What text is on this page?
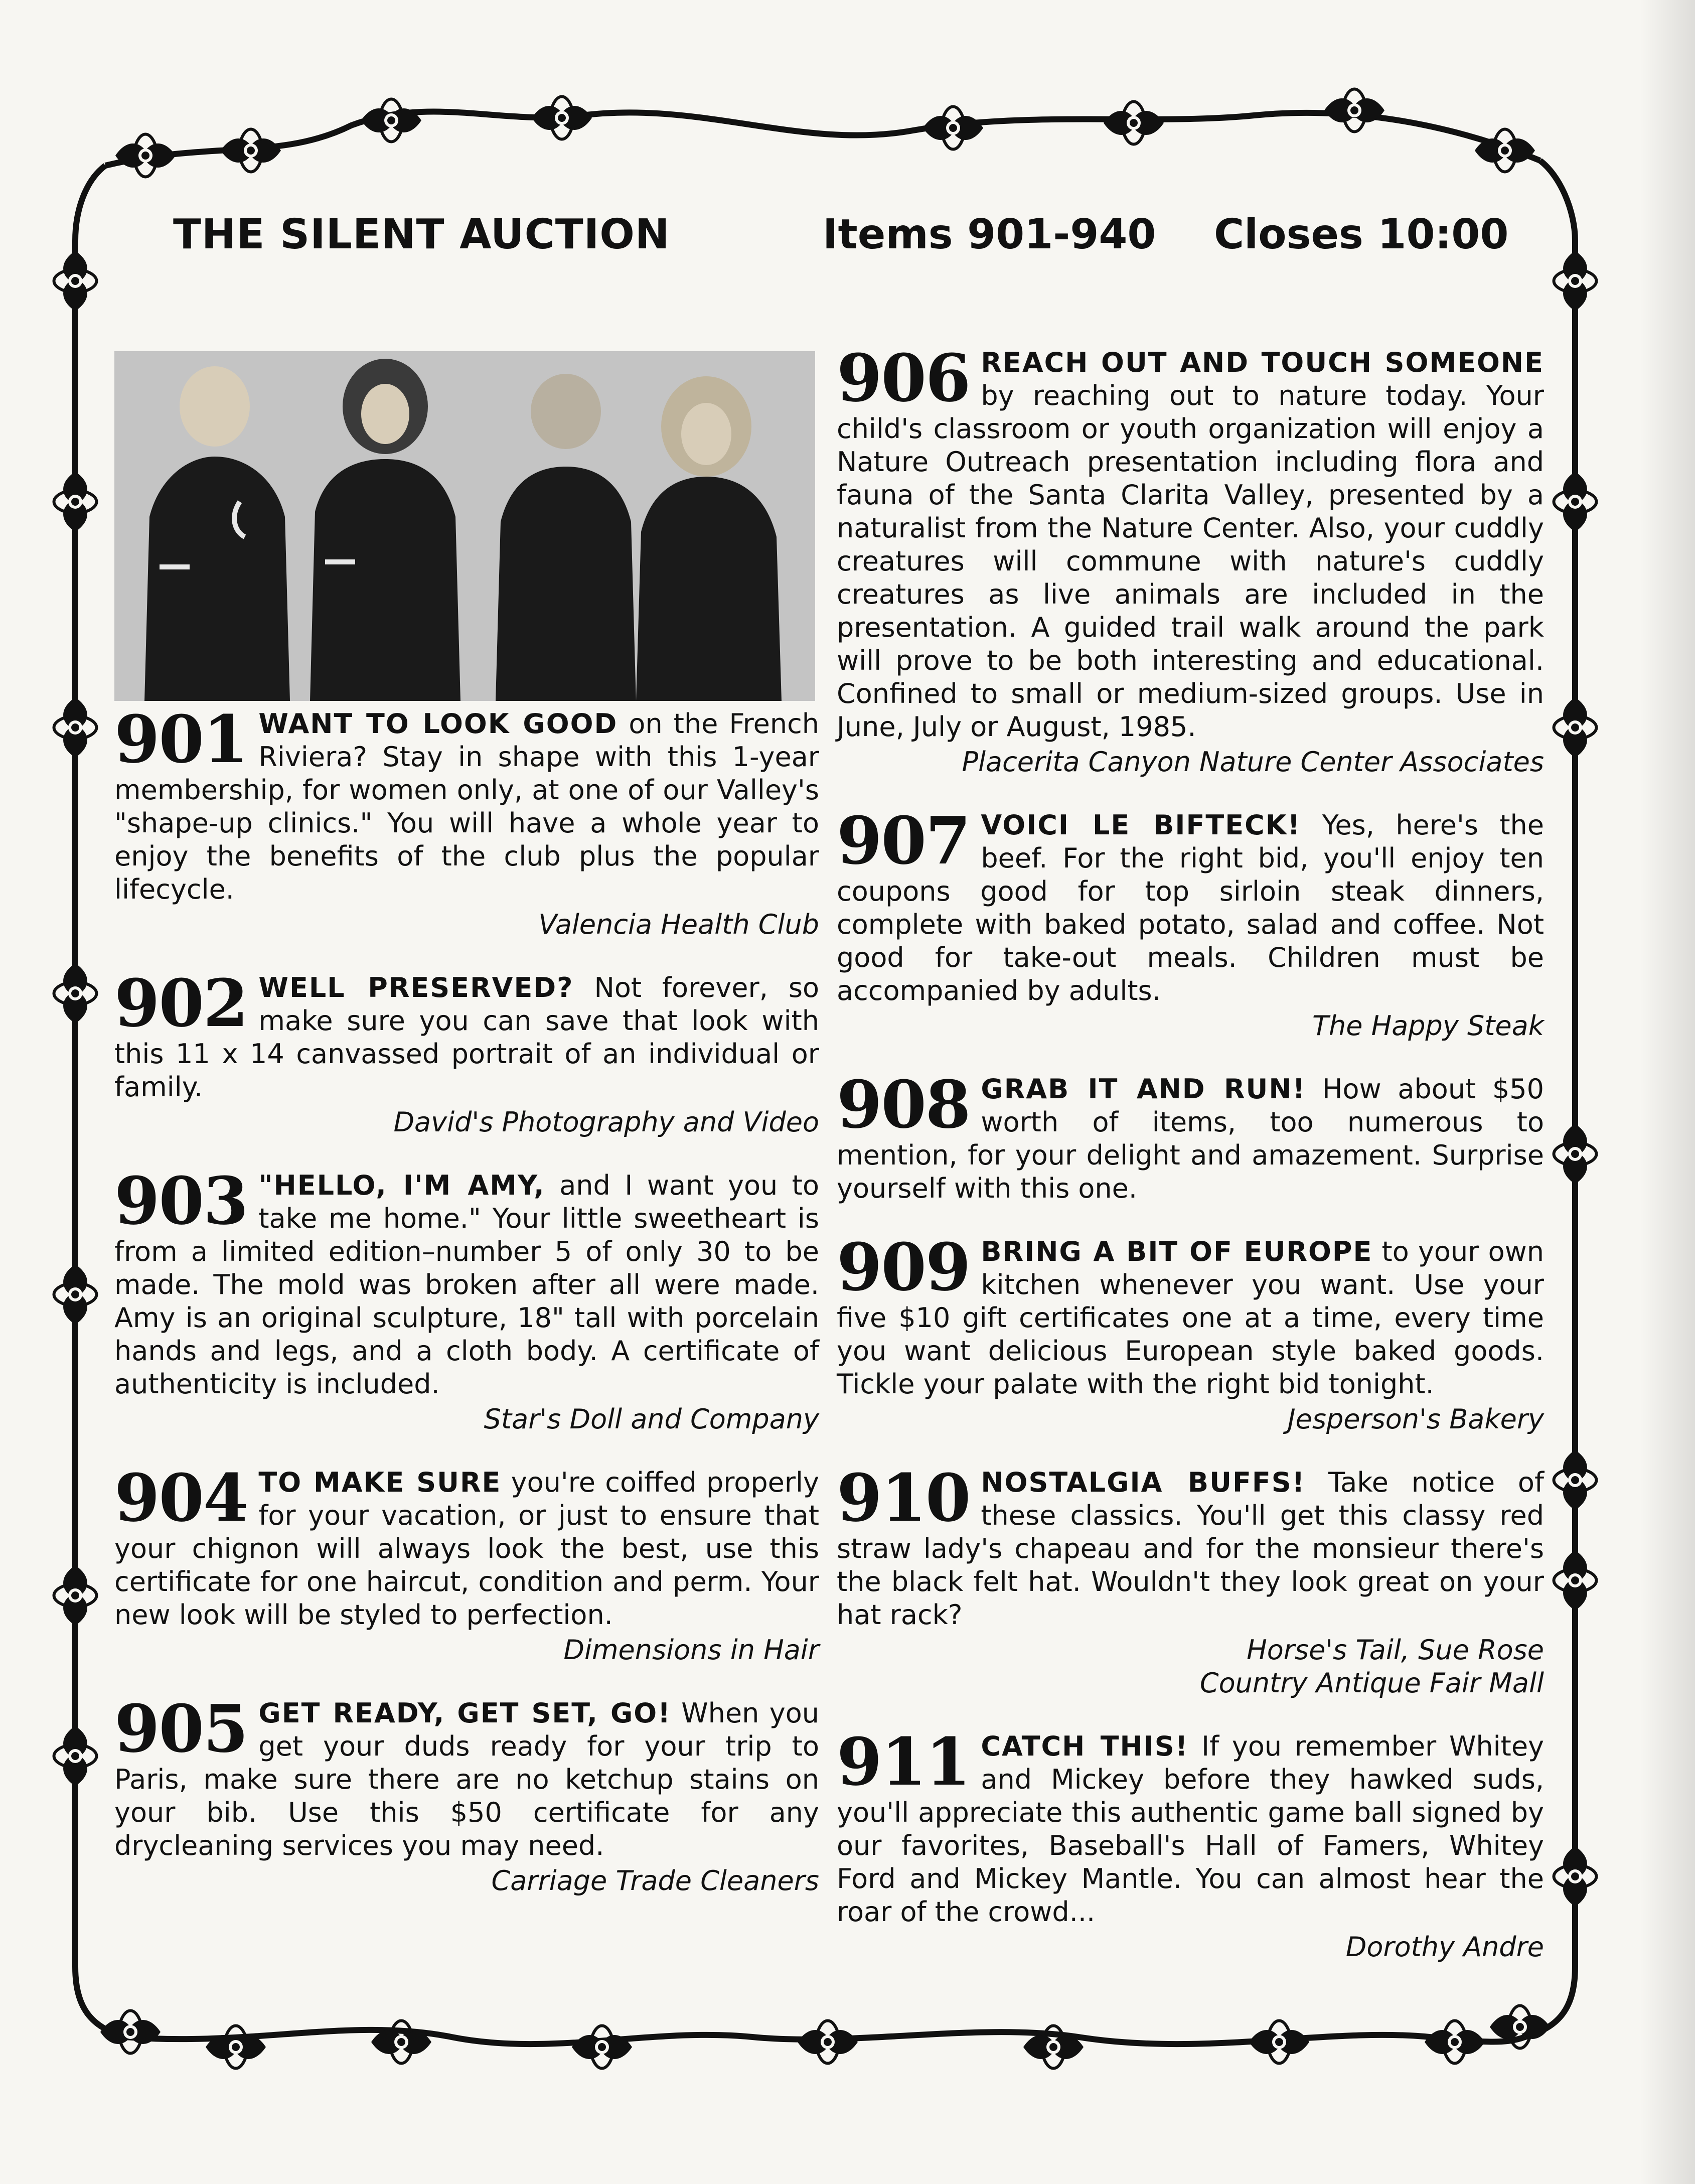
THE SILENT AUCTION	Items 901-940 Closes 10:00

901 WANT TO LOOK GOOD on the French Riviera? Stay in shape with this 1-year membership, for women only, at one of our Valley's "shape-up clinics." You will have a whole year to enjoy the benefits of the club plus the popular lifecycle.

Valencia Health Club

902 WELL PRESERVED? Not forever, so make sure you can save that look with this 11 x 14 canvassed portrait of an individual or family.

David's Photography and Video

903 "HELLO, I'M AMY, and I want you to take me home." Your little sweetheart is from a limited edition–number 5 of only 30 to be made. The mold was broken after all were made. Amy is an original sculpture, 18" tall with porcelain hands and legs, and a cloth body. A certificate of authenticity is included.

Star's Doll and Company

904 TO MAKE SURE you're coiffed properly for your vacation, or just to ensure that your chignon will always look the best, use this certificate for one haircut, condition and perm. Your new look will be styled to perfection.

Dimensions in Hair

905 GET READY, GET SET, GO! When you get your duds ready for your trip to Paris, make sure there are no ketchup stains on your bib. Use this $50 certificate for any drycleaning services you may need.

Carriage Trade Cleaners

906 REACH OUT AND TOUCH SOMEONE by reaching out to nature today. Your child's classroom or youth organization will enjoy a Nature Outreach presentation including flora and fauna of the Santa Clarita Valley, presented by a naturalist from the Nature Center. Also, your cuddly creatures will commune with nature's cuddly creatures as live animals are included in the presentation. A guided trail walk around the park will prove to be both interesting and educational. Confined to small or medium-sized groups. Use in June, July or August, 1985.

Placerita Canyon Nature Center Associates

907 VOICI LE BIFTECK! Yes, here's the beef. For the right bid, you'll enjoy ten coupons good for top sirloin steak dinners, complete with baked potato, salad and coffee. Not good for take-out meals. Children must be accompanied by adults.

The Happy Steak

908 GRAB IT AND RUN! How about $50 worth of items, too numerous to mention, for your delight and amazement. Surprise yourself with this one.

909 BRING A BIT OF EUROPE to your own kitchen whenever you want. Use your five $10 gift certificates one at a time, every time you want delicious European style baked goods. Tickle your palate with the right bid tonight.

Jesperson's Bakery

910 NOSTALGIA BUFFS! Take notice of these classics. You'll get this classy red straw lady's chapeau and for the monsieur there's the black felt hat. Wouldn't they look great on your hat rack?

Horse's Tail, Sue Rose
Country Antique Fair Mall

911 CATCH THIS! If you remember Whitey and Mickey before they hawked suds, you'll appreciate this authentic game ball signed by our favorites, Baseball's Hall of Famers, Whitey Ford and Mickey Mantle. You can almost hear the roar of the crowd...

Dorothy Andre
